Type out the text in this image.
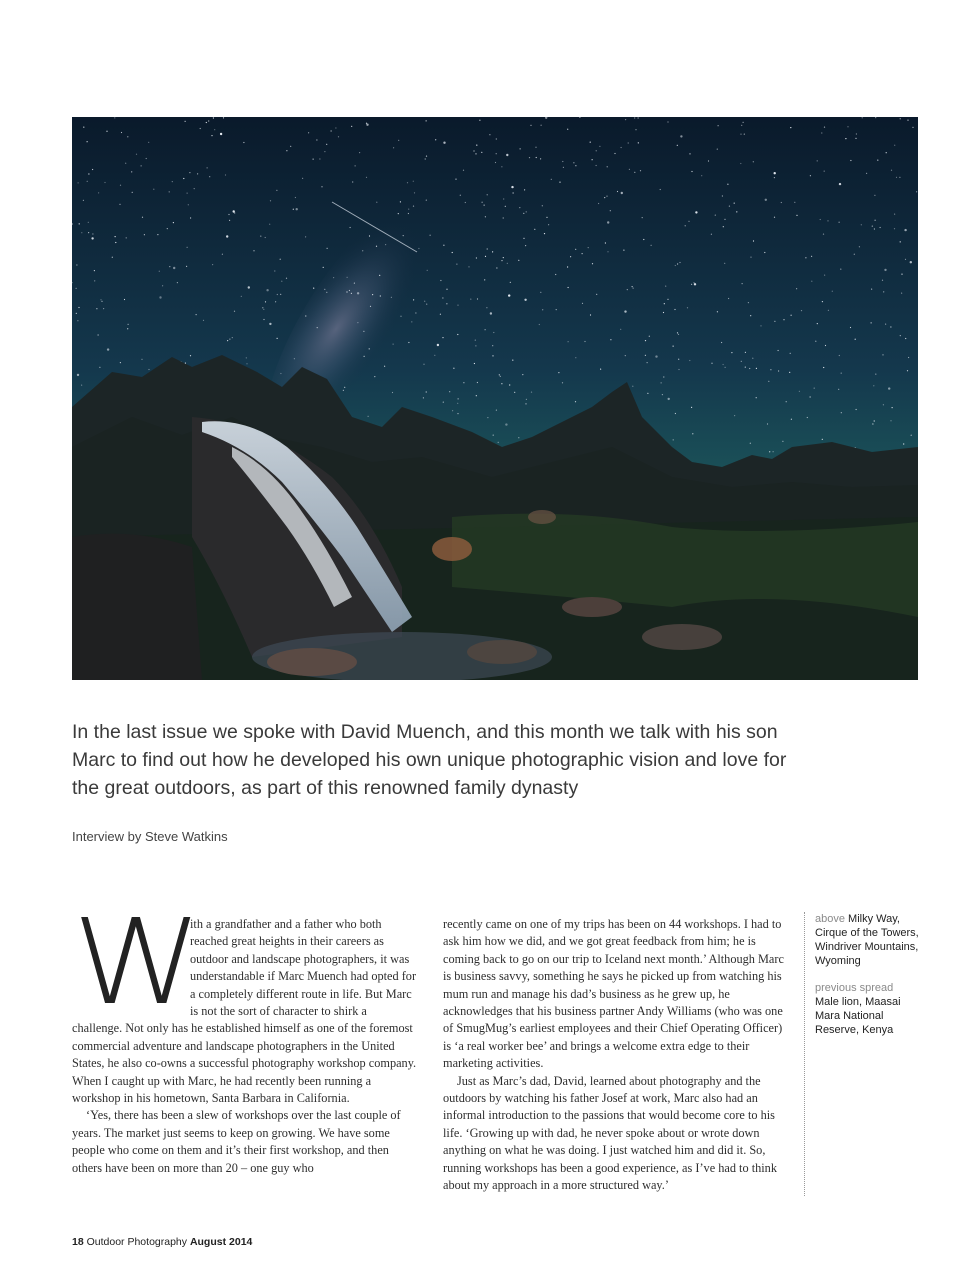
In the last issue we spoke with David Muench, and this month we talk with his son Marc to find out how he developed his own unique photographic vision and love for the great outdoors, as part of this renowned family dynasty

Interview by Steve Watkins

W

ith a grandfather and a father who both reached great heights in their careers as outdoor and landscape photographers, it was understandable if Marc Muench had opted for a completely different route in life. But Marc is not the sort of character to shirk a challenge. Not only has he established himself as one of the foremost commercial adventure and landscape photographers in the United States, he also co-owns a successful photography workshop company. When I caught up with Marc, he had recently been running a workshop in his hometown, Santa Barbara in California.

‘Yes, there has been a slew of workshops over the last couple of years. The market just seems to keep on growing. We have some people who come on them and it’s their first workshop, and then others have been on more than 20 – one guy who

recently came on one of my trips has been on 44 workshops. I had to ask him how we did, and we got great feedback from him; he is coming back to go on our trip to Iceland next month.’ Although Marc is business savvy, something he says he picked up from watching his mum run and manage his dad’s business as he grew up, he acknowledges that his business partner Andy Williams (who was one of SmugMug’s earliest employees and their Chief Operating Officer) is ‘a real worker bee’ and brings a welcome extra edge to their marketing activities.

Just as Marc’s dad, David, learned about photography and the outdoors by watching his father Josef at work, Marc also had an informal introduction to the passions that would become core to his life. ‘Growing up with dad, he never spoke about or wrote down anything on what he was doing. I just watched him and did it. So, running workshops has been a good experience, as I’ve had to think about my approach in a more structured way.’

above Milky Way, Cirque of the Towers, Windriver Mountains, Wyoming

previous spread
Male lion, Maasai Mara National Reserve, Kenya

18 Outdoor Photography August 2014
